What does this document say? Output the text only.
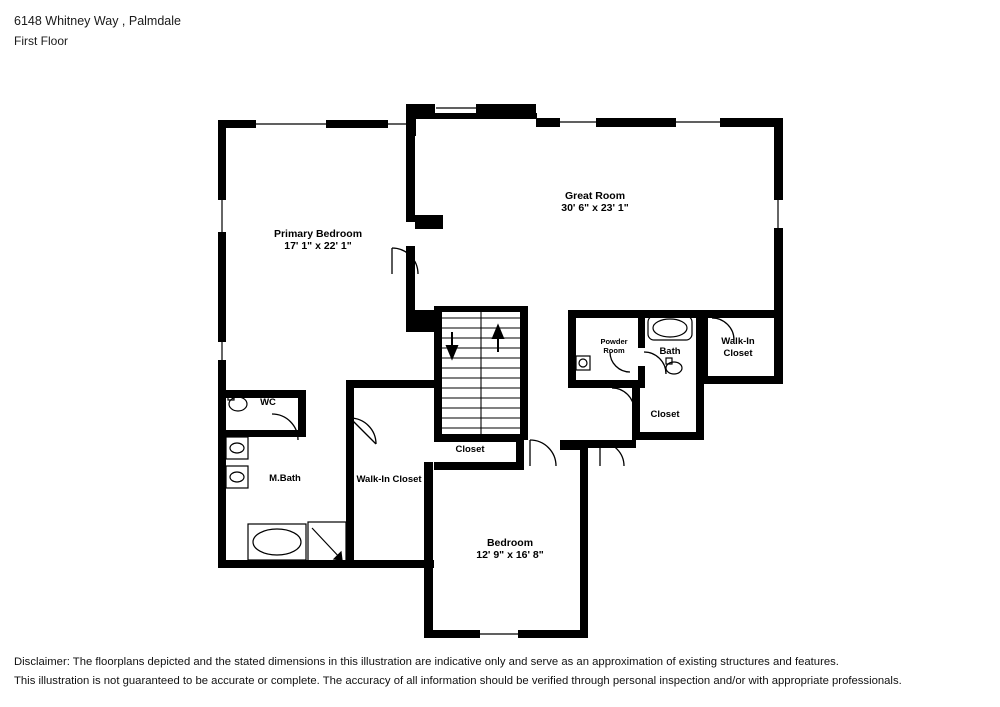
6148 Whitney Way , Palmdale
First Floor
Primary Bedroom
17' 1" x 22' 1"
Great Room
30' 6" x 23' 1"
Walk-In
Closet
Bath
Powder
Room
Closet
Closet
Walk-In Closet
Bedroom
12' 9" x 16' 8"
M.Bath
WC
Disclaimer: The floorplans depicted and the stated dimensions in this illustration are indicative only and serve as an approximation of existing structures and features.
This illustration is not guaranteed to be accurate or complete. The accuracy of all information should be verified through personal inspection and/or with appropriate professionals.
